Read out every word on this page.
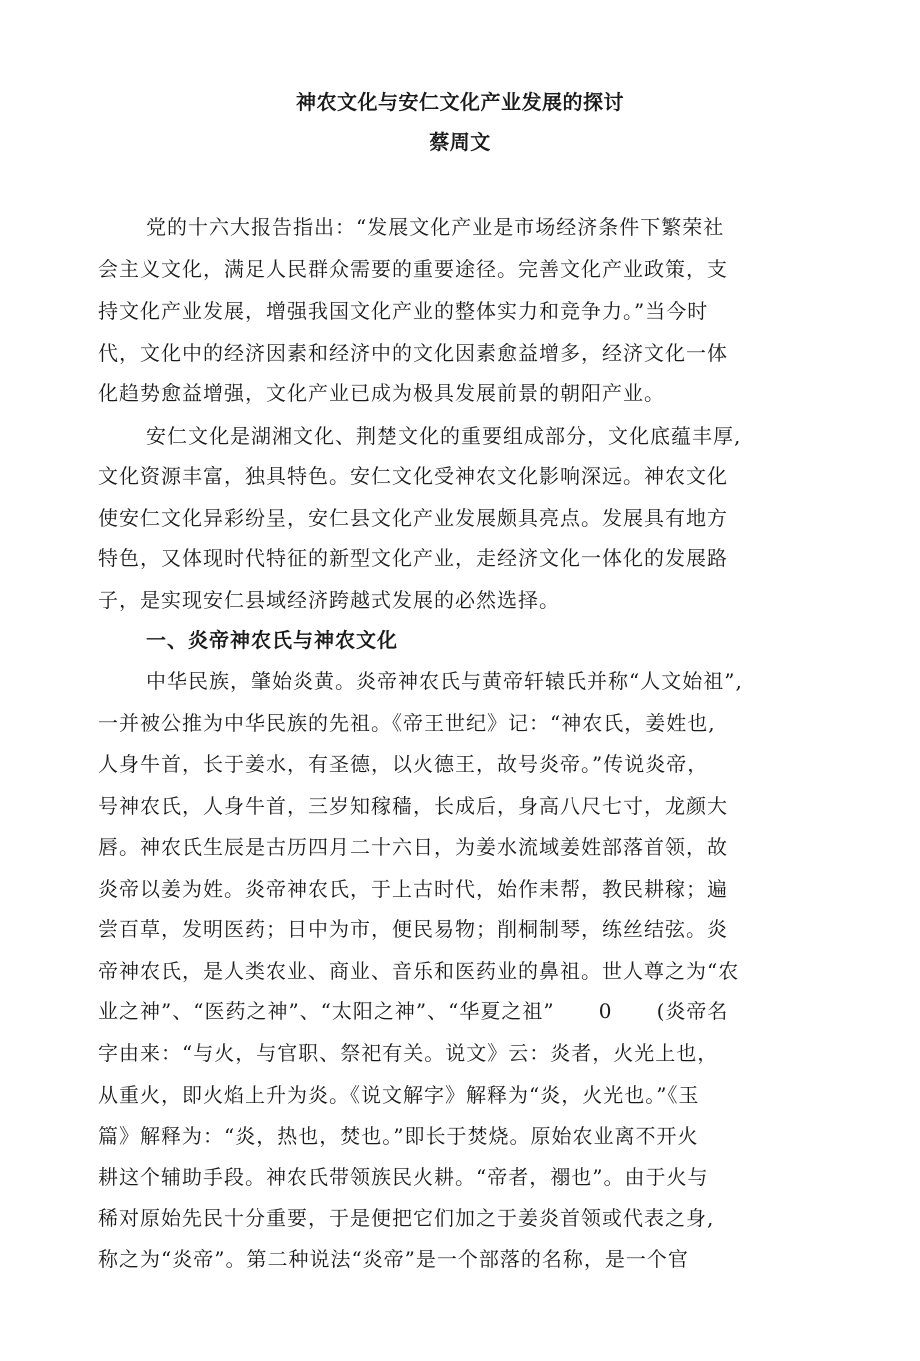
神农文化与安仁文化产业发展的探讨
蔡周文
党的十六大报告指出：“发展文化产业是市场经济条件下繁荣社
会主义文化，满足人民群众需要的重要途径。完善文化产业政策，支
持文化产业发展，增强我国文化产业的整体实力和竞争力。”当今时
代，文化中的经济因素和经济中的文化因素愈益增多，经济文化一体
化趋势愈益增强，文化产业已成为极具发展前景的朝阳产业。
安仁文化是湖湘文化、荆楚文化的重要组成部分，文化底蕴丰厚,
文化资源丰富，独具特色。安仁文化受神农文化影响深远。神农文化
使安仁文化异彩纷呈，安仁县文化产业发展颇具亮点。发展具有地方
特色，又体现时代特征的新型文化产业，走经济文化一体化的发展路
子，是实现安仁县域经济跨越式发展的必然选择。
一、炎帝神农氏与神农文化
中华民族，肇始炎黄。炎帝神农氏与黄帝轩辕氏并称“人文始祖”,
一并被公推为中华民族的先祖。《帝王世纪》记：“神农氏，姜姓也,
人身牛首，长于姜水，有圣德，以火德王，故号炎帝。”传说炎帝，
号神农氏，人身牛首，三岁知稼穑，长成后，身高八尺七寸，龙颜大
唇。神农氏生辰是古历四月二十六日，为姜水流域姜姓部落首领，故
炎帝以姜为姓。炎帝神农氏，于上古时代，始作耒帮，教民耕稼；遍
尝百草，发明医药；日中为市，便民易物；削桐制琴，练丝结弦。炎
帝神农氏，是人类农业、商业、音乐和医药业的鼻祖。世人尊之为“农
业之神”、“医药之神”、“太阳之神”、“华夏之祖”      0      (炎帝名
字由来：“与火，与官职、祭祀有关。说文》云：炎者，火光上也，
从重火，即火焰上升为炎。《说文解字》解释为“炎，火光也。”《玉
篇》解释为：“炎，热也，焚也。”即长于焚烧。原始农业离不开火
耕这个辅助手段。神农氏带领族民火耕。“帝者，禤也”。由于火与
稀对原始先民十分重要，于是便把它们加之于姜炎首领或代表之身,
称之为“炎帝”。第二种说法“炎帝”是一个部落的名称，是一个官
